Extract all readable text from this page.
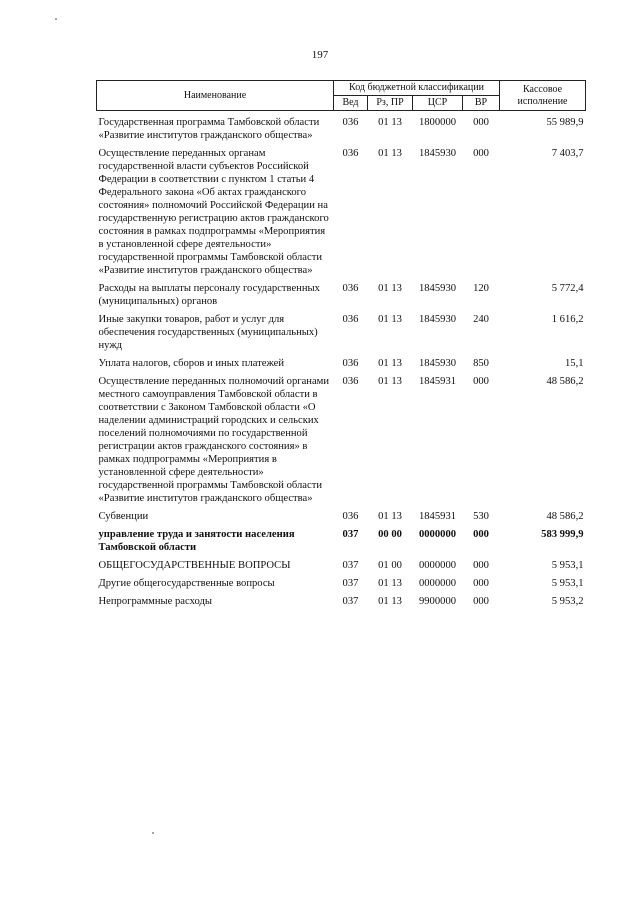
197
Наименование	Код бюджетной классификации				Кассовое исполнение
	Вед	Рз, ПР	ЦСР	ВР	
Государственная программа Тамбовской области «Развитие институтов гражданского общества»	036	01 13	1800000	000	55 989,9
Осуществление переданных органам государственной власти субъектов Российской Федерации в соответствии с пунктом 1 статьи 4 Федерального закона «Об актах гражданского состояния» полномочий Российской Федерации на государственную регистрацию актов гражданского состояния в рамках подпрограммы «Мероприятия в установленной сфере деятельности» государственной программы Тамбовской области «Развитие институтов гражданского общества»	036	01 13	1845930	000	7 403,7
Расходы на выплаты персоналу государственных (муниципальных) органов	036	01 13	1845930	120	5 772,4
Иные закупки товаров, работ и услуг для обеспечения государственных (муниципальных) нужд	036	01 13	1845930	240	1 616,2
Уплата налогов, сборов и иных платежей	036	01 13	1845930	850	15,1
Осуществление переданных полномочий органами местного самоуправления Тамбовской области в соответствии с Законом Тамбовской области «О наделении администраций городских и сельских поселений полномочиями по государственной регистрации актов гражданского состояния» в рамках подпрограммы «Мероприятия в установленной сфере деятельности» государственной программы Тамбовской области «Развитие институтов гражданского общества»	036	01 13	1845931	000	48 586,2
Субвенции	036	01 13	1845931	530	48 586,2
управление труда и занятости населения Тамбовской области	037	00 00	0000000	000	583 999,9
ОБЩЕГОСУДАРСТВЕННЫЕ ВОПРОСЫ	037	01 00	0000000	000	5 953,1
Другие общегосударственные вопросы	037	01 13	0000000	000	5 953,1
Непрограммные расходы	037	01 13	9900000	000	5 953,2
